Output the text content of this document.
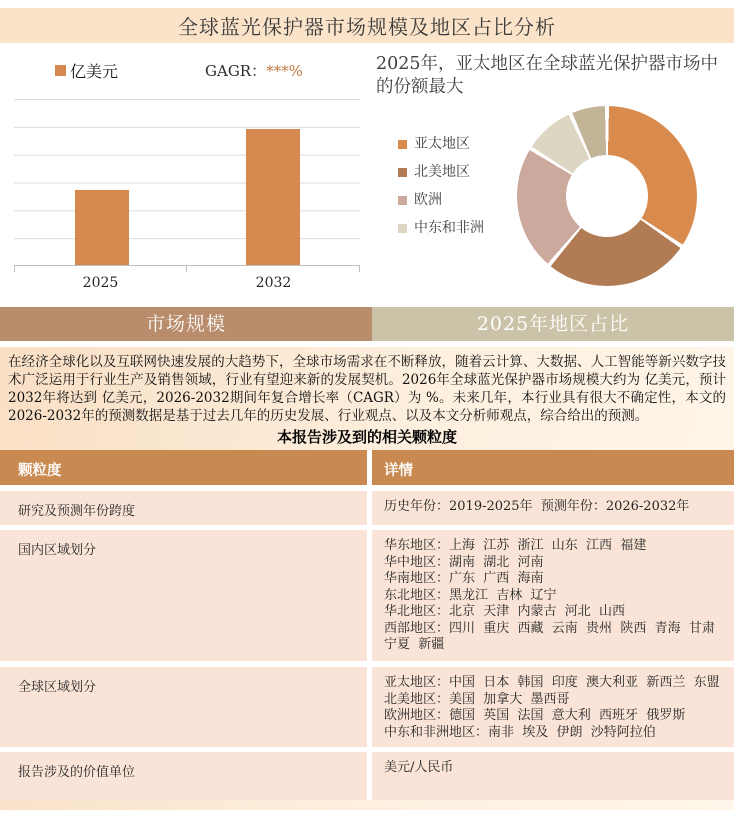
全球蓝光保护器市场规模及地区占比分析
亿美元	GAGR：***%
2025	2032
2025年，亚太地区在全球蓝光保护器市场中的份额最大
亚太地区
北美地区
欧洲
中东和非洲
市场规模	2025年地区占比

在经济全球化以及互联网快速发展的大趋势下，全球市场需求在不断释放，随着云计算、大数据、人工智能等新兴数字技术广泛运用于行业生产及销售领域，行业有望迎来新的发展契机。2026年全球蓝光保护器市场规模大约为 亿美元，预计2032年将达到 亿美元，2026-2032期间年复合增长率（CAGR）为 %。未来几年，本行业具有很大不确定性，本文的2026-2032年的预测数据是基于过去几年的历史发展、行业观点、以及本文分析师观点，综合给出的预测。

本报告涉及到的相关颗粒度
颗粒度	详情
研究及预测年份跨度	历史年份：2019-2025年  预测年份：2026-2032年
国内区域划分	华东地区：上海  江苏  浙江  山东  江西  福建
华中地区：湖南  湖北  河南
华南地区：广东  广西  海南
东北地区：黑龙江  吉林  辽宁
华北地区：北京  天津  内蒙古  河北  山西
西部地区：四川  重庆  西藏  云南  贵州  陕西  青海  甘肃  宁夏  新疆
全球区域划分	亚太地区：中国  日本  韩国  印度  澳大利亚  新西兰  东盟
北美地区：美国  加拿大  墨西哥
欧洲地区：德国  英国  法国  意大利  西班牙  俄罗斯
中东和非洲地区：南非  埃及  伊朗  沙特阿拉伯
报告涉及的价值单位	美元/人民币
